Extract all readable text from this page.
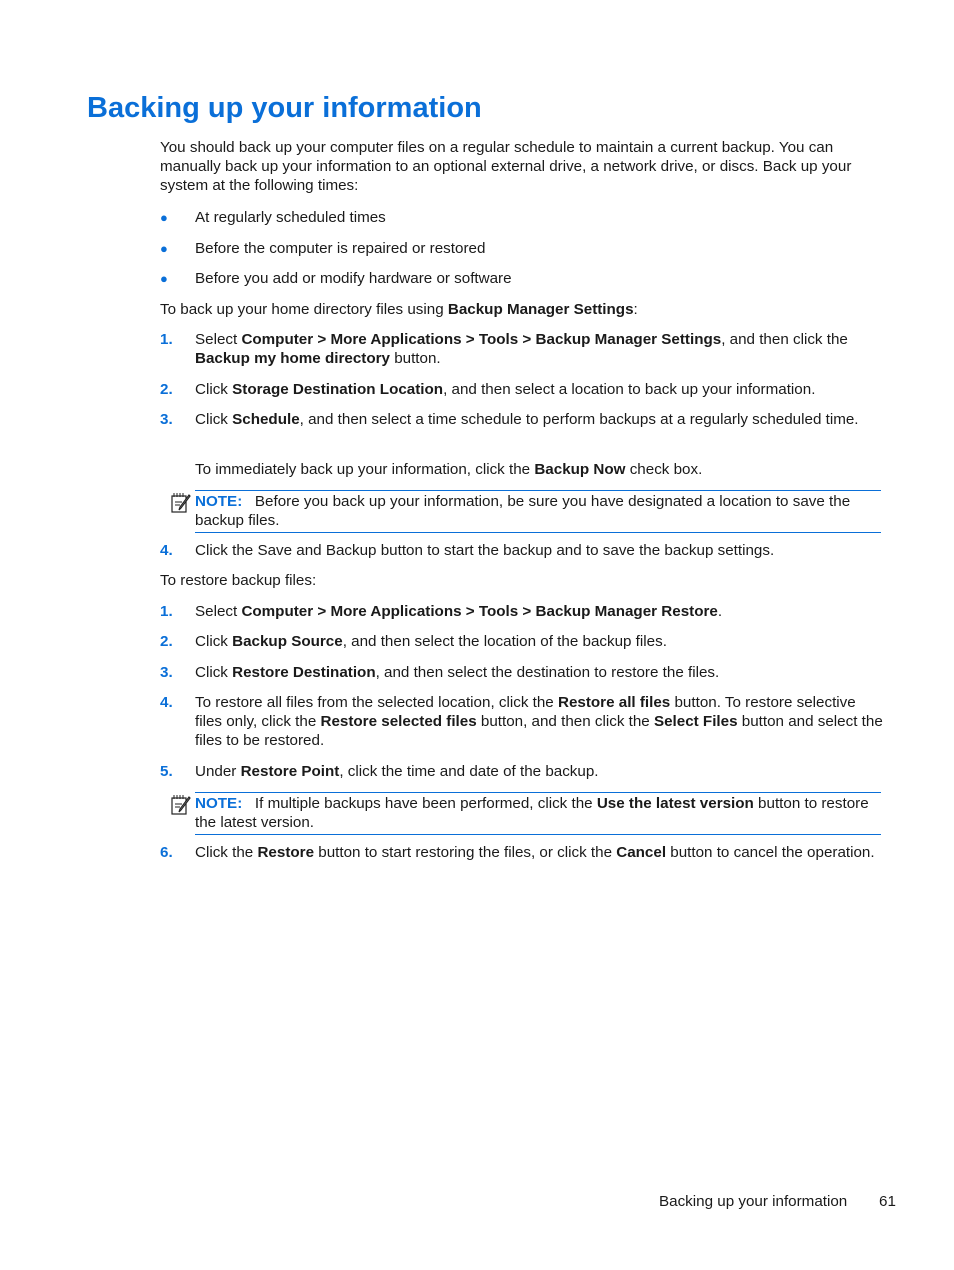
Backing up your information

You should back up your computer files on a regular schedule to maintain a current backup. You can manually back up your information to an optional external drive, a network drive, or discs. Back up your system at the following times:

● At regularly scheduled times
● Before the computer is repaired or restored
● Before you add or modify hardware or software

To back up your home directory files using Backup Manager Settings:

1. Select Computer > More Applications > Tools > Backup Manager Settings, and then click the Backup my home directory button.
2. Click Storage Destination Location, and then select a location to back up your information.
3. Click Schedule, and then select a time schedule to perform backups at a regularly scheduled time.

To immediately back up your information, click the Backup Now check box.

NOTE: Before you back up your information, be sure you have designated a location to save the backup files.
4. Click the Save and Backup button to start the backup and to save the backup settings.

To restore backup files:

1. Select Computer > More Applications > Tools > Backup Manager Restore.
2. Click Backup Source, and then select the location of the backup files.
3. Click Restore Destination, and then select the destination to restore the files.
4. To restore all files from the selected location, click the Restore all files button. To restore selective files only, click the Restore selected files button, and then click the Select Files button and select the files to be restored.
5. Under Restore Point, click the time and date of the backup.
NOTE: If multiple backups have been performed, click the Use the latest version button to restore the latest version.
6. Click the Restore button to start restoring the files, or click the Cancel button to cancel the operation.
Backing up your information 61
